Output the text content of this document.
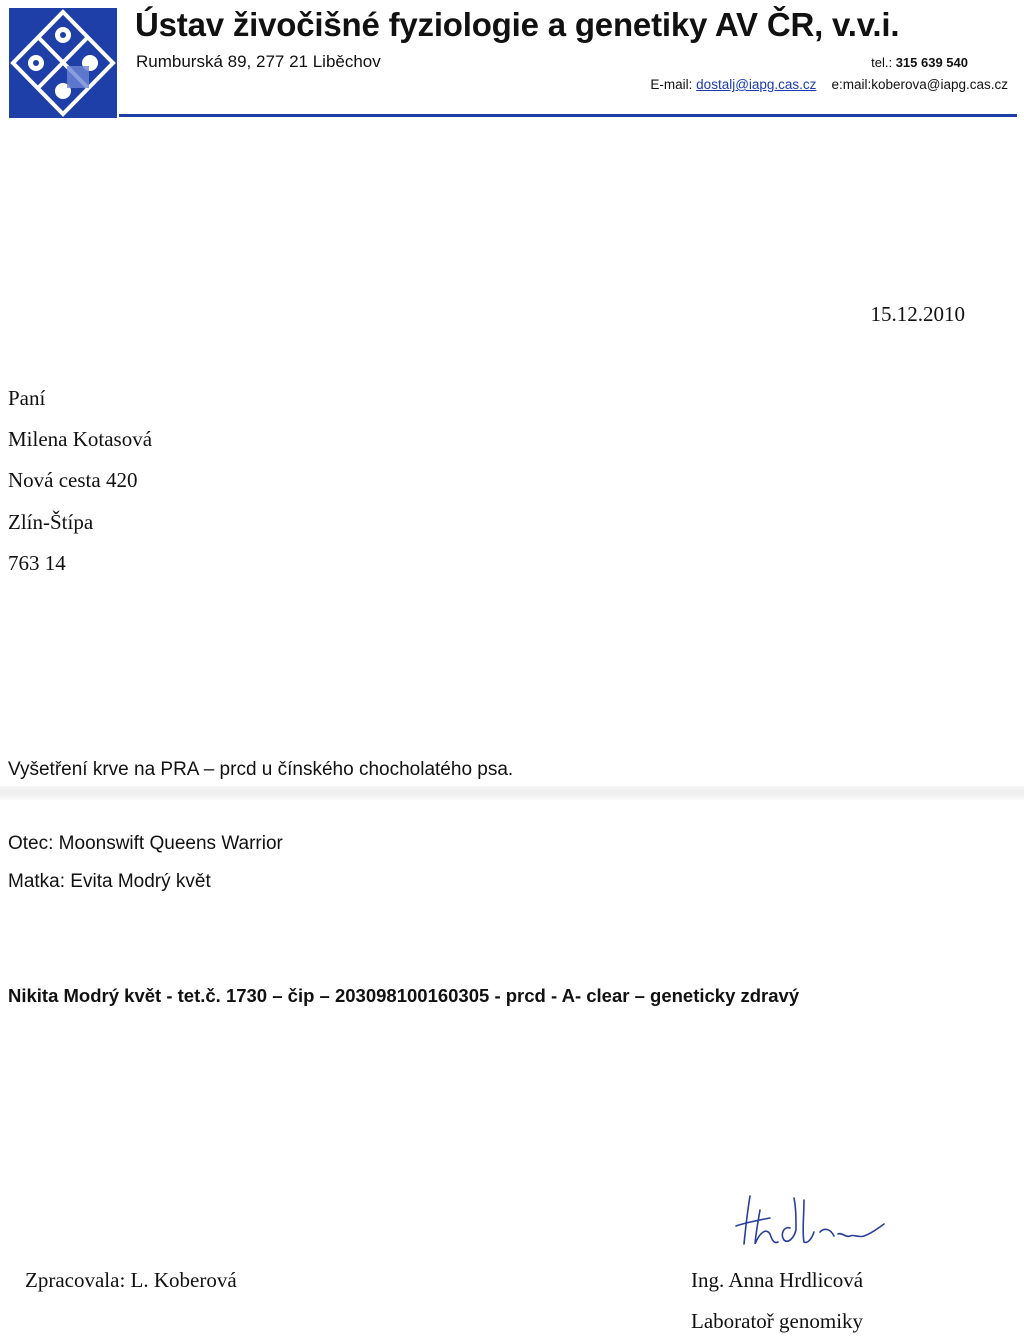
Ústav živočišné fyziologie a genetiky AV ČR, v.v.i.
Rumburská 89, 277 21 Liběchov	tel.: 315 639 540
E-mail: dostalj@iapg.cas.cz e:mail:koberova@iapg.cas.cz
15.12.2010
Paní
Milena Kotasová
Nová cesta 420
Zlín-Štípa
763 14
Vyšetření krve na PRA – prcd u čínského chocholatého psa.
Otec: Moonswift Queens Warrior
Matka: Evita Modrý květ
Nikita Modrý květ - tet.č. 1730 – čip – 203098100160305 - prcd - A- clear – geneticky zdravý
Zpracovala: L. Koberová	Ing. Anna Hrdlicová
Laboratoř genomiky
